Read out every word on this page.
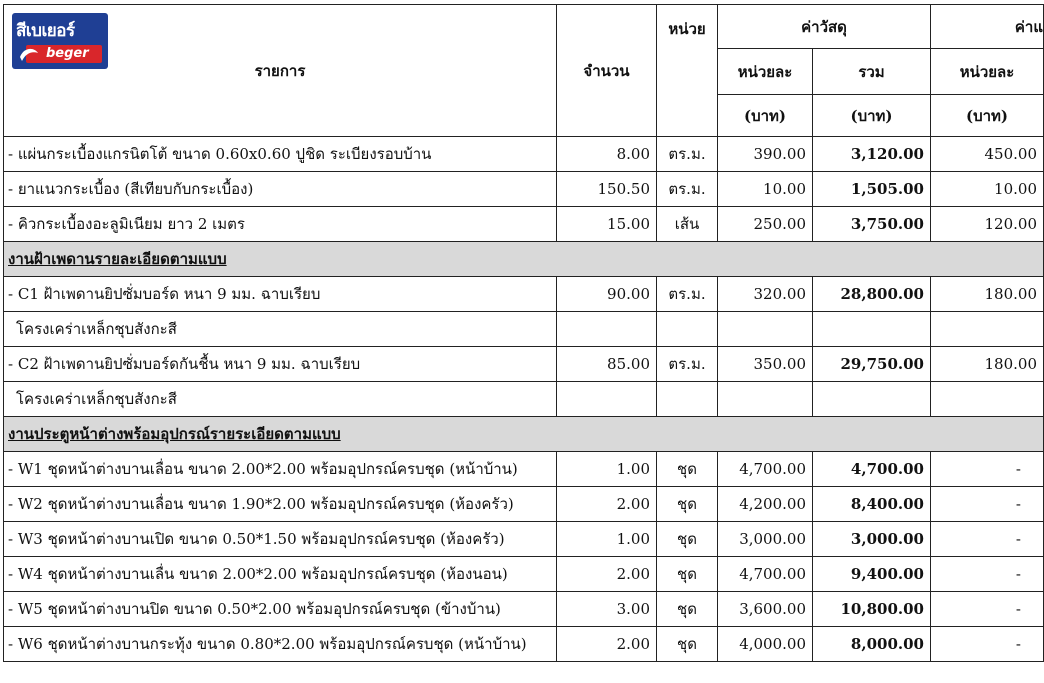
รายการ	จำนวน	หน่วย	ค่าวัสดุ		ค่าแ
			หน่วยละ	รวม	หน่วยละ
			(บาท)	(บาท)	(บาท)
- แผ่นกระเบื้องแกรนิตโต้ ขนาด 0.60x0.60 ปูชิด ระเบียงรอบบ้าน	8.00	ตร.ม.	390.00	3,120.00	450.00
- ยาแนวกระเบื้อง (สีเทียบกับกระเบื้อง)	150.50	ตร.ม.	10.00	1,505.00	10.00
- คิวกระเบื้องอะลูมิเนียม ยาว 2 เมตร	15.00	เส้น	250.00	3,750.00	120.00
งานฝ้าเพดานรายละเอียดตามแบบ					
- C1 ฝ้าเพดานยิปซั่มบอร์ด หนา 9 มม. ฉาบเรียบ	90.00	ตร.ม.	320.00	28,800.00	180.00
โครงเคร่าเหล็กชุบสังกะสี					
- C2 ฝ้าเพดานยิปซั่มบอร์ดกันชื้น หนา 9 มม. ฉาบเรียบ	85.00	ตร.ม.	350.00	29,750.00	180.00
โครงเคร่าเหล็กชุบสังกะสี					
งานประตูหน้าต่างพร้อมอุปกรณ์รายระเอียดตามแบบ					
- W1 ชุดหน้าต่างบานเลื่อน ขนาด 2.00*2.00 พร้อมอุปกรณ์ครบชุด (หน้าบ้าน)	1.00	ชุด	4,700.00	4,700.00	-
- W2 ชุดหน้าต่างบานเลื่อน ขนาด 1.90*2.00 พร้อมอุปกรณ์ครบชุด (ห้องครัว)	2.00	ชุด	4,200.00	8,400.00	-
- W3 ชุดหน้าต่างบานเปิด ขนาด 0.50*1.50 พร้อมอุปกรณ์ครบชุด (ห้องครัว)	1.00	ชุด	3,000.00	3,000.00	-
- W4 ชุดหน้าต่างบานเลื่น ขนาด 2.00*2.00 พร้อมอุปกรณ์ครบชุด (ห้องนอน)	2.00	ชุด	4,700.00	9,400.00	-
- W5 ชุดหน้าต่างบานปิด ขนาด 0.50*2.00 พร้อมอุปกรณ์ครบชุด (ข้างบ้าน)	3.00	ชุด	3,600.00	10,800.00	-
- W6 ชุดหน้าต่างบานกระทุ้ง ขนาด 0.80*2.00 พร้อมอุปกรณ์ครบชุด (หน้าบ้าน)	2.00	ชุด	4,000.00	8,000.00	-
สีเบเยอร์
beger
